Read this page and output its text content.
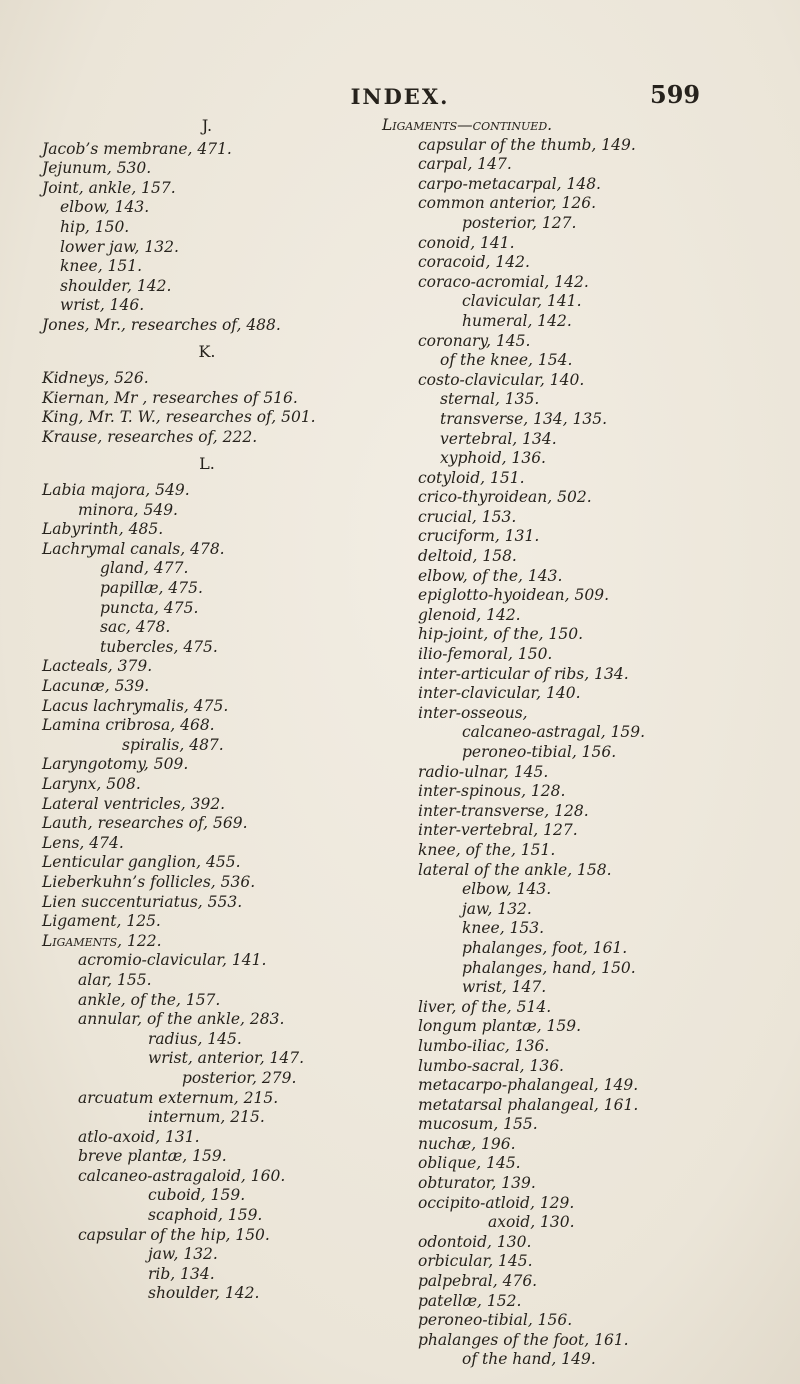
INDEX.	599
J.
Jacob’s membrane, 471.
Jejunum, 530.
Joint, ankle, 157.
elbow, 143.
hip, 150.
lower jaw, 132.
knee, 151.
shoulder, 142.
wrist, 146.
Jones, Mr., researches of, 488.
K.
Kidneys, 526.
Kiernan, Mr , researches of 516.
King, Mr. T. W., researches of, 501.
Krause, researches of, 222.
L.
Labia majora, 549.
minora, 549.
Labyrinth, 485.
Lachrymal canals, 478.
gland, 477.
papillæ, 475.
puncta, 475.
sac, 478.
tubercles, 475.
Lacteals, 379.
Lacunæ, 539.
Lacus lachrymalis, 475.
Lamina cribrosa, 468.
spiralis, 487.
Laryngotomy, 509.
Larynx, 508.
Lateral ventricles, 392.
Lauth, researches of, 569.
Lens, 474.
Lenticular ganglion, 455.
Lieberkuhn’s follicles, 536.
Lien succenturiatus, 553.
Ligament, 125.
Ligaments, 122.
acromio-clavicular, 141.
alar, 155.
ankle, of the, 157.
annular, of the ankle, 283.
radius, 145.
wrist, anterior, 147.
posterior, 279.
arcuatum externum, 215.
internum, 215.
atlo-axoid, 131.
breve plantæ, 159.
calcaneo-astragaloid, 160.
cuboid, 159.
scaphoid, 159.
capsular of the hip, 150.
jaw, 132.
rib, 134.
shoulder, 142.
Ligaments—continued.
capsular of the thumb, 149.
carpal, 147.
carpo-metacarpal, 148.
common anterior, 126.
posterior, 127.
conoid, 141.
coracoid, 142.
coraco-acromial, 142.
clavicular, 141.
humeral, 142.
coronary, 145.
of the knee, 154.
costo-clavicular, 140.
sternal, 135.
transverse, 134, 135.
vertebral, 134.
xyphoid, 136.
cotyloid, 151.
crico-thyroidean, 502.
crucial, 153.
cruciform, 131.
deltoid, 158.
elbow, of the, 143.
epiglotto-hyoidean, 509.
glenoid, 142.
hip-joint, of the, 150.
ilio-femoral, 150.
inter-articular of ribs, 134.
inter-clavicular, 140.
inter-osseous,
calcaneo-astragal, 159.
peroneo-tibial, 156.
radio-ulnar, 145.
inter-spinous, 128.
inter-transverse, 128.
inter-vertebral, 127.
knee, of the, 151.
lateral of the ankle, 158.
elbow, 143.
jaw, 132.
knee, 153.
phalanges, foot, 161.
phalanges, hand, 150.
wrist, 147.
liver, of the, 514.
longum plantæ, 159.
lumbo-iliac, 136.
lumbo-sacral, 136.
metacarpo-phalangeal, 149.
metatarsal phalangeal, 161.
mucosum, 155.
nuchæ, 196.
oblique, 145.
obturator, 139.
occipito-atloid, 129.
axoid, 130.
odontoid, 130.
orbicular, 145.
palpebral, 476.
patellæ, 152.
peroneo-tibial, 156.
phalanges of the foot, 161.
of the hand, 149.
